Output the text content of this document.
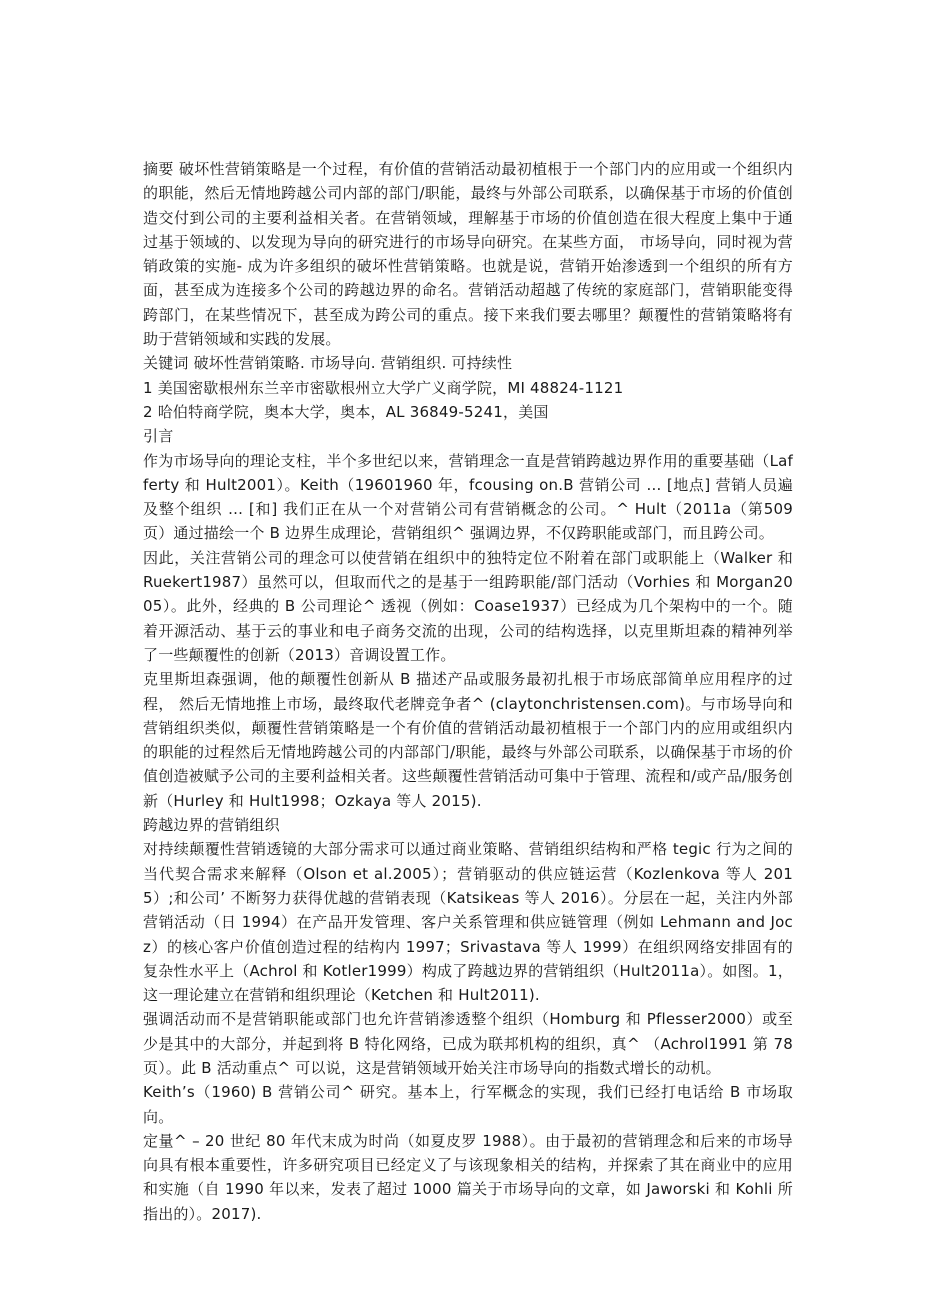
摘要 破坏性营销策略是一个过程，有价值的营销活动最初植根于一个部门内的应用或一个组织内的职能，然后无情地跨越公司内部的部门/职能，最终与外部公司联系，以确保基于市场的价值创造交付到公司的主要利益相关者。在营销领域，理解基于市场的价值创造在很大程度上集中于通过基于领域的、以发现为导向的研究进行的市场导向研究。在某些方面， 市场导向，同时视为营销政策的实施- 成为许多组织的破坏性营销策略。也就是说，营销开始渗透到一个组织的所有方面，甚至成为连接多个公司的跨越边界的命名。营销活动超越了传统的家庭部门，营销职能变得跨部门，在某些情况下，甚至成为跨公司的重点。接下来我们要去哪里？颠覆性的营销策略将有助于营销领域和实践的发展。

关键词 破坏性营销策略. 市场导向. 营销组织. 可持续性

1 美国密歇根州东兰辛市密歇根州立大学广义商学院，MI 48824-1121

2 哈伯特商学院，奥本大学，奥本，AL 36849-5241，美国

引言

作为市场导向的理论支柱，半个多世纪以来，营销理念一直是营销跨越边界作用的重要基础（Lafferty 和 Hult2001）。Keith（19601960 年，fcousing on.B 营销公司 … [地点] 营销人员遍及整个组织 … [和] 我们正在从一个对营销公司有营销概念的公司。^ Hult（2011a（第509 页）通过描绘一个 B 边界生成理论，营销组织^ 强调边界，不仅跨职能或部门，而且跨公司。

因此，关注营销公司的理念可以使营销在组织中的独特定位不附着在部门或职能上（Walker 和 Ruekert1987）虽然可以，但取而代之的是基于一组跨职能/部门活动（Vorhies 和 Morgan2005）。此外，经典的 B 公司理论^ 透视（例如：Coase1937）已经成为几个架构中的一个。随着开源活动、基于云的事业和电子商务交流的出现，公司的结构选择，以克里斯坦森的精神列举了一些颠覆性的创新（2013）音调设置工作。

克里斯坦森强调，他的颠覆性创新从 B 描述产品或服务最初扎根于市场底部简单应用程序的过程， 然后无情地推上市场，最终取代老牌竞争者^ (claytonchristensen.com)。与市场导向和营销组织类似，颠覆性营销策略是一个有价值的营销活动最初植根于一个部门内的应用或组织内的职能的过程然后无情地跨越公司的内部部门/职能，最终与外部公司联系，以确保基于市场的价值创造被赋予公司的主要利益相关者。这些颠覆性营销活动可集中于管理、流程和/或产品/服务创新（Hurley 和 Hult1998；Ozkaya 等人 2015).

跨越边界的营销组织

对持续颠覆性营销透镜的大部分需求可以通过商业策略、营销组织结构和严格 tegic 行为之间的当代契合需求来解释（Olson et al.2005）；营销驱动的供应链运营（Kozlenkova 等人 2015）;和公司’ 不断努力获得优越的营销表现（Katsikeas 等人 2016）。分层在一起，关注内外部营销活动（日 1994）在产品开发管理、客户关系管理和供应链管理（例如 Lehmann and Jocz）的核心客户价值创造过程的结构内 1997；Srivastava 等人 1999）在组织网络安排固有的复杂性水平上（Achrol 和 Kotler1999）构成了跨越边界的营销组织（Hult2011a）。如图。1，这一理论建立在营销和组织理论（Ketchen 和 Hult2011).

强调活动而不是营销职能或部门也允许营销渗透整个组织（Homburg 和 Pflesser2000）或至少是其中的大部分，并起到将 B 特化网络，已成为联邦机构的组织，真^ （Achrol1991 第 78 页）。此 B 活动重点^ 可以说，这是营销领域开始关注市场导向的指数式增长的动机。

Keith’s（1960) B 营销公司^ 研究。基本上，行军概念的实现，我们已经打电话给 B 市场取向。

定量^ – 20 世纪 80 年代末成为时尚（如夏皮罗 1988）。由于最初的营销理念和后来的市场导向具有根本重要性，许多研究项目已经定义了与该现象相关的结构，并探索了其在商业中的应用和实施（自 1990 年以来，发表了超过 1000 篇关于市场导向的文章，如 Jaworski 和 Kohli 所指出的）。2017).
